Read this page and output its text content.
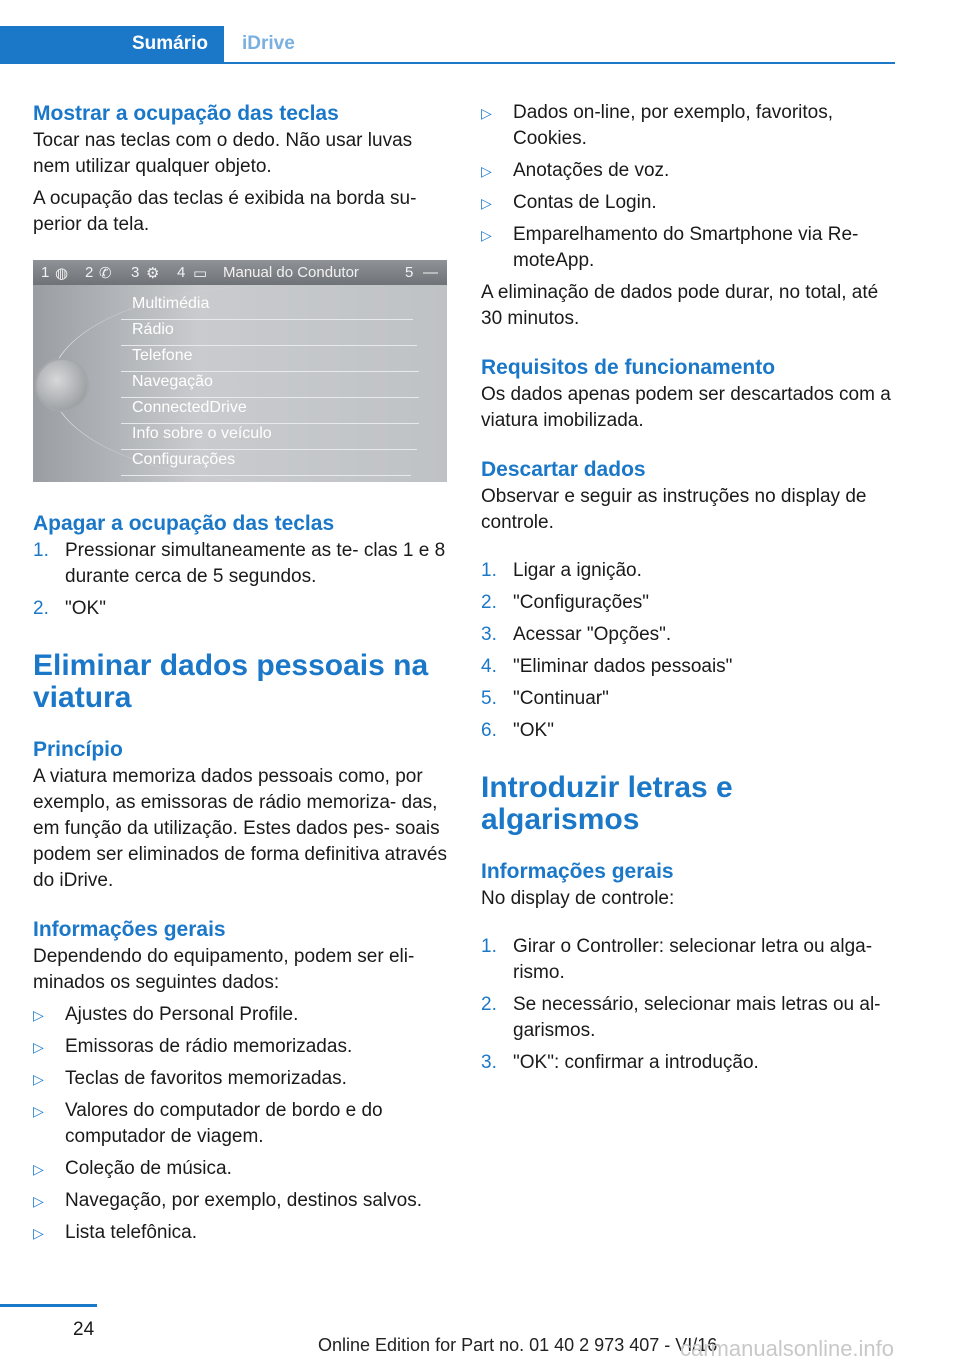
Sumário iDrive
Mostrar a ocupação das teclas

Tocar nas teclas com o dedo. Não usar luvas nem utilizar qualquer objeto.

A ocupação das teclas é exibida na borda su‐ perior da tela.

1 ◍ 2 ✆ 3 ⚙ 4 ▭ Manual do Condutor	5 —
Multimédia
Rádio
Telefone
Navegação
ConnectedDrive
Info sobre o veículo
Configurações
Apagar a ocupação das teclas
1. Pressionar simultaneamente as te‐ clas 1 e 8 durante cerca de 5 segundos.
2. "OK"
Eliminar dados pessoais na viatura
Princípio

A viatura memoriza dados pessoais como, por exemplo, as emissoras de rádio memoriza‐ das, em função da utilização. Estes dados pes‐ soais podem ser eliminados de forma definitiva através do iDrive.

Informações gerais

Dependendo do equipamento, podem ser eli‐ minados os seguintes dados:

▷ Ajustes do Personal Profile.
▷ Emissoras de rádio memorizadas.
▷ Teclas de favoritos memorizadas.
▷ Valores do computador de bordo e do computador de viagem.
▷ Coleção de música.
▷ Navegação, por exemplo, destinos salvos.
▷ Lista telefônica.
▷ Dados on-line, por exemplo, favoritos, Cookies.
▷ Anotações de voz.
▷ Contas de Login.
▷ Emparelhamento do Smartphone via Re‐ moteApp.

A eliminação de dados pode durar, no total, até 30 minutos.

Requisitos de funcionamento

Os dados apenas podem ser descartados com a viatura imobilizada.

Descartar dados

Observar e seguir as instruções no display de controle.

1. Ligar a ignição.
2. "Configurações"
3. Acessar "Opções".
4. "Eliminar dados pessoais"
5. "Continuar"
6. "OK"
Introduzir letras e algarismos
Informações gerais

No display de controle:

1. Girar o Controller: selecionar letra ou alga‐ rismo.
2. Se necessário, selecionar mais letras ou al‐ garismos.
3. "OK": confirmar a introdução.
24
Online Edition for Part no. 01 40 2 973 407 - VI/16
carmanualsonline.info
